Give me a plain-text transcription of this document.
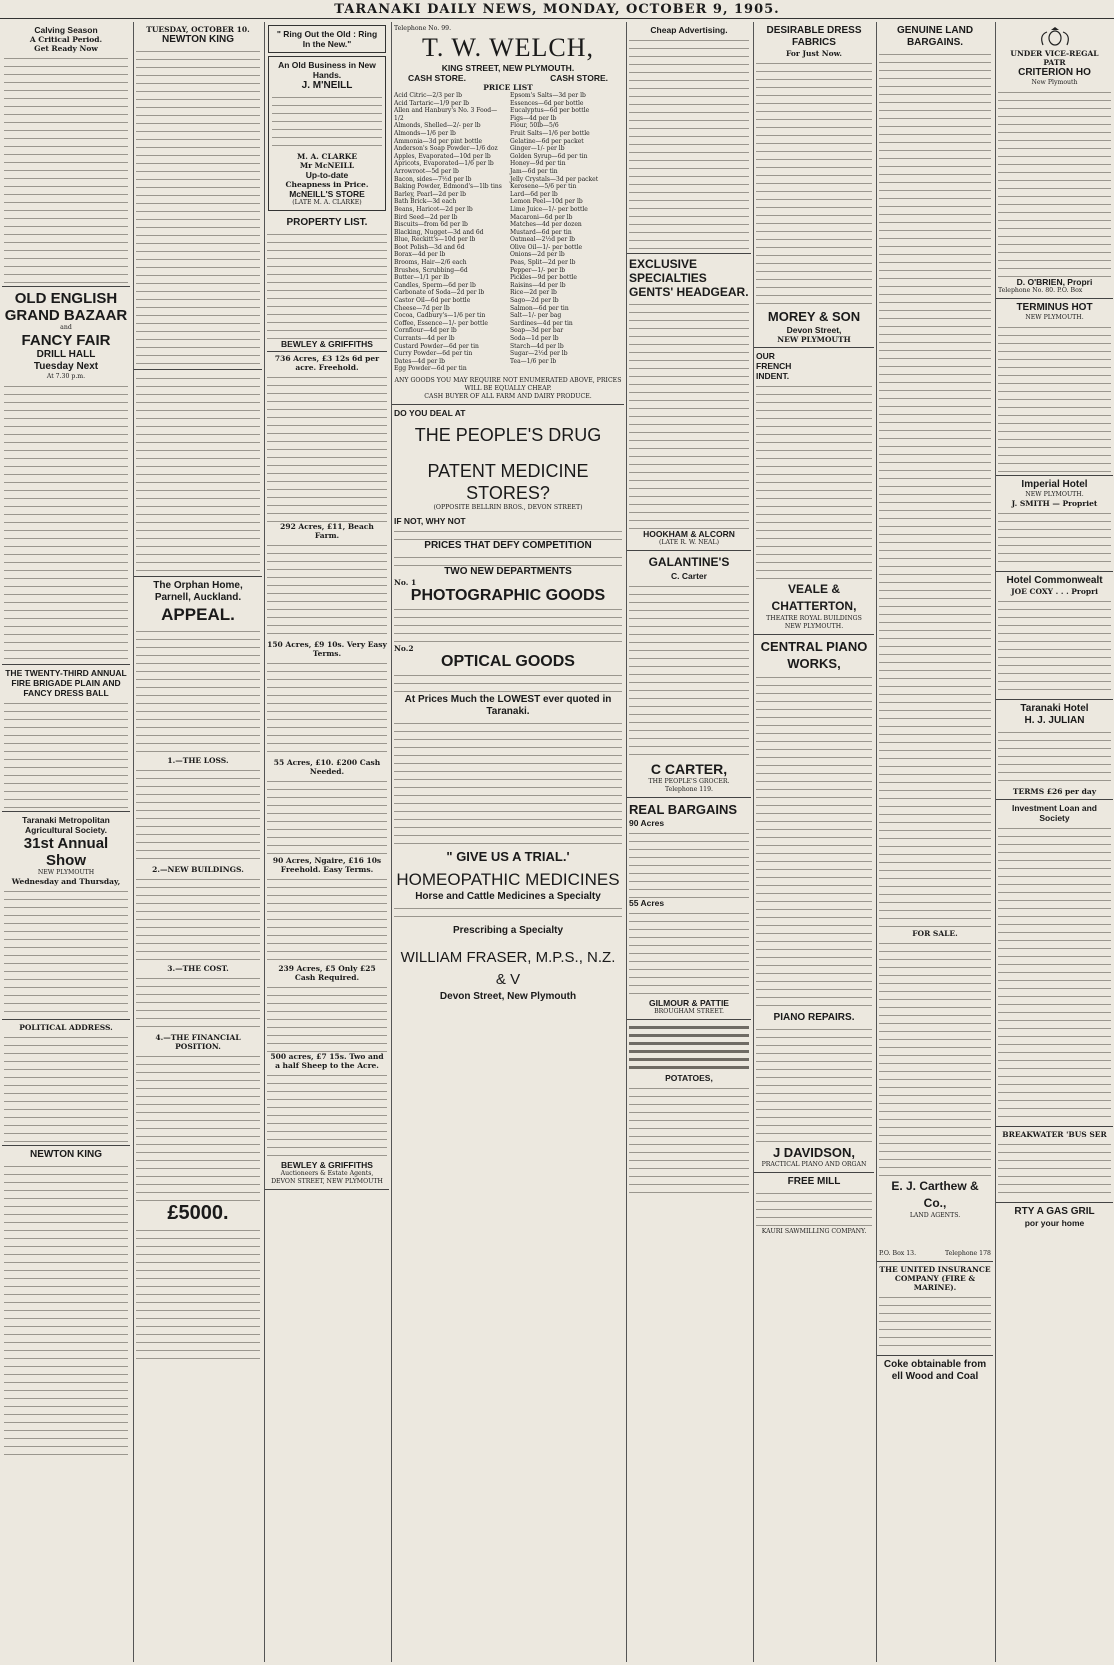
TARANAKI DAILY NEWS, MONDAY, OCTOBER 9, 1905.
Calving Season
A Critical Period.
Get Ready Now
OLD ENGLISH GRAND BAZAAR
and
FANCY FAIR
DRILL HALL
Tuesday Next
At 7.30 p.m.
THE TWENTY-THIRD ANNUAL FIRE BRIGADE PLAIN AND FANCY DRESS BALL
Taranaki Metropolitan Agricultural Society.
31st Annual Show
NEW PLYMOUTH
Wednesday and Thursday,
POLITICAL ADDRESS.
NEWTON KING
TUESDAY, OCTOBER 10.
NEWTON KING
The Orphan Home, Parnell, Auckland.
APPEAL.
1.—THE LOSS.
2.—NEW BUILDINGS.
3.—THE COST.
4.—THE FINANCIAL POSITION.
£5000.
" Ring Out the Old : Ring In the New."
An Old Business in New Hands.
J. M'NEILL
M. A. CLARKE
Mr McNEILL
Up-to-date
Cheapness in Price.
McNEILL'S STORE
(LATE M. A. CLARKE)
PROPERTY LIST.
BEWLEY & GRIFFITHS
736 Acres, £3 12s 6d per acre. Freehold.
292 Acres, £11, Beach Farm.
150 Acres, £9 10s. Very Easy Terms.
55 Acres, £10. £200 Cash Needed.
90 Acres, Ngaire, £16 10s Freehold. Easy Terms.
239 Acres, £5 Only £25 Cash Required.
500 acres, £7 15s. Two and a half Sheep to the Acre.
BEWLEY & GRIFFITHS
Auctioneers & Estate Agents,
DEVON STREET, NEW PLYMOUTH
Telephone No. 99.
T. W. WELCH,
KING STREET, NEW PLYMOUTH.
CASH STORE.	CASH STORE.
PRICE LIST
Acid Citric—2/3 per lb
Acid Tartaric—1/9 per lb
Allen and Hanbury's No. 3 Food—1/2
Almonds, Shelled—2/- per lb
Almonds—1/6 per lb
Ammonia—3d per pint bottle
Anderson's Soap Powder—1/6 doz
Apples, Evaporated—10d per lb
Apricots, Evaporated—1/6 per lb
Arrowroot—5d per lb
Bacon, sides—7½d per lb
Baking Powder, Edmond's—1lb tins
Barley, Pearl—2d per lb
Bath Brick—3d each
Beans, Haricot—2d per lb
Bird Seed—2d per lb
Biscuits—from 6d per lb
Blacking, Nugget—3d and 6d
Blue, Reckitt's—10d per lb
Boot Polish—3d and 6d
Borax—4d per lb
Brooms, Hair—2/6 each
Brushes, Scrubbing—6d
Butter—1/1 per lb
Candles, Sperm—6d per lb
Carbonate of Soda—2d per lb
Castor Oil—6d per bottle
Cheese—7d per lb
Cocoa, Cadbury's—1/6 per tin
Coffee, Essence—1/- per bottle
Cornflour—4d per lb
Currants—4d per lb
Custard Powder—6d per tin
Curry Powder—6d per tin
Dates—4d per lb
Egg Powder—6d per tin
Epsom's Salts—3d per lb
Essences—6d per bottle
Eucalyptus—6d per bottle
Figs—4d per lb
Flour, 50lb—5/6
Fruit Salts—1/6 per bottle
Gelatine—6d per packet
Ginger—1/- per lb
Golden Syrup—6d per tin
Honey—9d per tin
Jam—6d per tin
Jelly Crystals—3d per packet
Kerosene—5/6 per tin
Lard—6d per lb
Lemon Peel—10d per lb
Lime Juice—1/- per bottle
Macaroni—6d per lb
Matches—4d per dozen
Mustard—6d per tin
Oatmeal—2½d per lb
Olive Oil—1/- per bottle
Onions—2d per lb
Peas, Split—2d per lb
Pepper—1/- per lb
Pickles—9d per bottle
Raisins—4d per lb
Rice—2d per lb
Sago—2d per lb
Salmon—6d per tin
Salt—1/- per bag
Sardines—4d per tin
Soap—3d per bar
Soda—1d per lb
Starch—4d per lb
Sugar—2½d per lb
Tea—1/6 per lb
ANY GOODS YOU MAY REQUIRE NOT ENUMERATED ABOVE, PRICES WILL BE EQUALLY CHEAP.
CASH BUYER OF ALL FARM AND DAIRY PRODUCE.
DO YOU DEAL AT
THE PEOPLE'S DRUG
PATENT MEDICINE STORES?
(OPPOSITE BELLRIN BROS., DEVON STREET)
IF NOT, WHY NOT
PRICES THAT DEFY COMPETITION
TWO NEW DEPARTMENTS
No. 1
PHOTOGRAPHIC GOODS
No.2
OPTICAL GOODS
At Prices Much the LOWEST ever quoted in Taranaki.
" GIVE US A TRIAL.'
HOMEOPATHIC MEDICINES
Horse and Cattle Medicines a Specialty
Prescribing a Specialty
WILLIAM FRASER, M.P.S., N.Z. & V
Devon Street, New Plymouth
Cheap Advertising.
EXCLUSIVE SPECIALTIES
GENTS' HEADGEAR.
HOOKHAM & ALCORN
(LATE R. W. NEAL)
GALANTINE'S
C. Carter
C CARTER,
THE PEOPLE'S GROCER.
Telephone 119.
REAL BARGAINS
90 Acres
55 Acres
GILMOUR & PATTIE
BROUGHAM STREET.
POTATOES,
DESIRABLE DRESS FABRICS
For Just Now.
MOREY & SON
Devon Street,
NEW PLYMOUTH
OUR
FRENCH
INDENT.
VEALE & CHATTERTON,
THEATRE ROYAL BUILDINGS
NEW PLYMOUTH.
CENTRAL PIANO WORKS,
PIANO REPAIRS.
J DAVIDSON,
PRACTICAL PIANO AND ORGAN
FREE MILL
KAURI SAWMILLING COMPANY.
GENUINE LAND BARGAINS.
FOR SALE.
E. J. Carthew & Co.,
LAND AGENTS.
P.O. Box 13.	Telephone 178
THE UNITED INSURANCE COMPANY (FIRE & MARINE).
Coke obtainable from
ell Wood and Coal
UNDER VICE-REGAL PATR
CRITERION HO
New Plymouth
D. O'BRIEN, Propri
Telephone No. 80. P.O. Box
TERMINUS HOT
NEW PLYMOUTH.
Imperial Hotel
NEW PLYMOUTH.
J. SMITH — Propriet
Hotel Commonwealt
JOE COXY . . . Propri
Taranaki Hotel
H. J. JULIAN
TERMS £26 per day
Investment Loan and Society
BREAKWATER 'BUS SER
RTY A GAS GRIL
por your home
